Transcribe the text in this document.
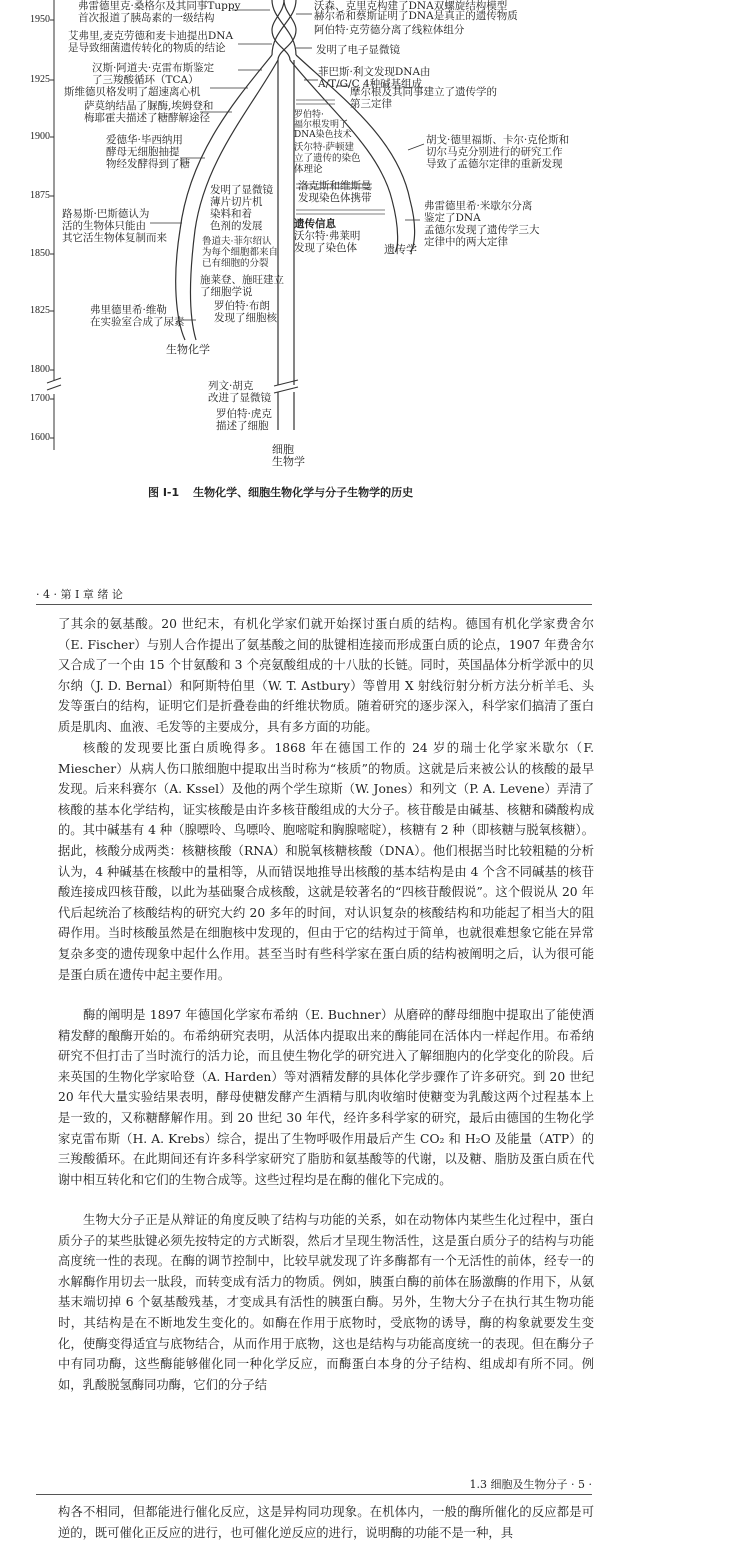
1950
1925
1900
1875
1850
1825
1800
1700
1600
弗雷德里克·桑格尔及其同事Tuppy
首次报道了胰岛素的一级结构
艾弗里,麦克劳德和麦卡迪提出DNA
是导致细菌遗传转化的物质的结论
汉斯·阿道夫·克雷布斯鉴定
了三羧酸循环（TCA）
斯维德贝格发明了超速离心机
萨莫纳结晶了脲酶,埃姆登和
梅耶霍夫描述了糖酵解途径
爱德华·毕西纳用
酵母无细胞抽提
物经发酵得到了糖
路易斯·巴斯德认为
活的生物体只能由
其它活生物体复制而来
弗里德里希·维勒
在实验室合成了尿素
生物化学
发明了显微镜
薄片切片机
染料和着
色剂的发展
鲁道夫·菲尔绍认
为每个细胞都来自
已有细胞的分裂
施莱登、施旺建立
了细胞学说
罗伯特·布朗
发现了细胞核
列文·胡克
改进了显微镜
罗伯特·虎克
描述了细胞
细胞
生物学
沃森、克里克构建了DNA双螺旋结构模型
赫尔希和蔡斯证明了DNA是真正的遗传物质
阿伯特·克劳德分离了线粒体组分
发明了电子显微镜
菲巴斯·利文发现DNA由
A/T/G/C 4种碱基组成
摩尔根及其同事建立了遗传学的
第三定律
罗伯特·
福尔根发明了
DNA染色技术
沃尔特·萨顿建
立了遗传的染色
体理论
胡戈·德里福斯、卡尔·克伦斯和
切尔马克分别进行的研究工作
导致了孟德尔定律的重新发现
洛克斯和维斯曼
发现染色体携带
遗传信息
沃尔特·弗莱明
发现了染色体
弗雷德里希·米歇尔分离
鉴定了DNA
孟德尔发现了遗传学三大
定律中的两大定律
遗传学
图 I-1 生物化学、细胞生物化学与分子生物学的历史
· 4 · 第 I 章 绪 论

了其余的氨基酸。20 世纪末，有机化学家们就开始探讨蛋白质的结构。德国有机化学家费舍尔（E. Fischer）与别人合作提出了氨基酸之间的肽键相连接而形成蛋白质的论点，1907 年费舍尔又合成了一个由 15 个甘氨酸和 3 个亮氨酸组成的十八肽的长链。同时，英国晶体分析学派中的贝尔纳（J. D. Bernal）和阿斯特伯里（W. T. Astbury）等曾用 X 射线衍射分析方法分析羊毛、头发等蛋白的结构，证明它们是折叠卷曲的纤维状物质。随着研究的逐步深入，科学家们搞清了蛋白质是肌肉、血液、毛发等的主要成分，具有多方面的功能。

核酸的发现要比蛋白质晚得多。1868 年在德国工作的 24 岁的瑞士化学家米歇尔（F. Miescher）从病人伤口脓细胞中提取出当时称为“核质”的物质。这就是后来被公认的核酸的最早发现。后来科赛尔（A. Kssel）及他的两个学生琼斯（W. Jones）和列文（P. A. Levene）弄清了核酸的基本化学结构，证实核酸是由许多核苷酸组成的大分子。核苷酸是由碱基、核糖和磷酸构成的。其中碱基有 4 种（腺嘌呤、鸟嘌呤、胞嘧啶和胸腺嘧啶），核糖有 2 种（即核糖与脱氧核糖）。据此，核酸分成两类：核糖核酸（RNA）和脱氧核糖核酸（DNA）。他们根据当时比较粗糙的分析认为，4 种碱基在核酸中的量相等，从而错误地推导出核酸的基本结构是由 4 个含不同碱基的核苷酸连接成四核苷酸，以此为基础聚合成核酸，这就是较著名的“四核苷酸假说”。这个假说从 20 年代后起统治了核酸结构的研究大约 20 多年的时间，对认识复杂的核酸结构和功能起了相当大的阻碍作用。当时核酸虽然是在细胞核中发现的，但由于它的结构过于简单，也就很难想象它能在异常复杂多变的遗传现象中起什么作用。甚至当时有些科学家在蛋白质的结构被阐明之后，认为很可能是蛋白质在遗传中起主要作用。

酶的阐明是 1897 年德国化学家布希纳（E. Buchner）从磨碎的酵母细胞中提取出了能使酒精发酵的酿酶开始的。布希纳研究表明，从活体内提取出来的酶能同在活体内一样起作用。布希纳研究不但打击了当时流行的活力论，而且使生物化学的研究进入了解细胞内的化学变化的阶段。后来英国的生物化学家哈登（A. Harden）等对酒精发酵的具体化学步骤作了许多研究。到 20 世纪 20 年代大量实验结果表明，酵母使糖发酵产生酒精与肌肉收缩时使糖变为乳酸这两个过程基本上是一致的，又称糖酵解作用。到 20 世纪 30 年代，经许多科学家的研究，最后由德国的生物化学家克雷布斯（H. A. Krebs）综合，提出了生物呼吸作用最后产生 CO₂ 和 H₂O 及能量（ATP）的三羧酸循环。在此期间还有许多科学家研究了脂肪和氨基酸等的代谢，以及糖、脂肪及蛋白质在代谢中相互转化和它们的生物合成等。这些过程均是在酶的催化下完成的。

生物大分子正是从辩证的角度反映了结构与功能的关系，如在动物体内某些生化过程中，蛋白质分子的某些肽键必须先按特定的方式断裂，然后才呈现生物活性，这是蛋白质分子的结构与功能高度统一性的表现。在酶的调节控制中，比较早就发现了许多酶都有一个无活性的前体，经专一的水解酶作用切去一肽段，而转变成有活力的物质。例如，胰蛋白酶的前体在肠激酶的作用下，从氨基末端切掉 6 个氨基酸残基，才变成具有活性的胰蛋白酶。另外，生物大分子在执行其生物功能时，其结构是在不断地发生变化的。如酶在作用于底物时，受底物的诱导，酶的构象就要发生变化，使酶变得适宜与底物结合，从而作用于底物，这也是结构与功能高度统一的表现。但在酶分子中有同功酶，这些酶能够催化同一种化学反应，而酶蛋白本身的分子结构、组成却有所不同。例如，乳酸脱氢酶同功酶，它们的分子结

1.3 细胞及生物分子 · 5 ·

构各不相同，但都能进行催化反应，这是异构同功现象。在机体内，一般的酶所催化的反应都是可逆的，既可催化正反应的进行，也可催化逆反应的进行，说明酶的功能不是一种，具
